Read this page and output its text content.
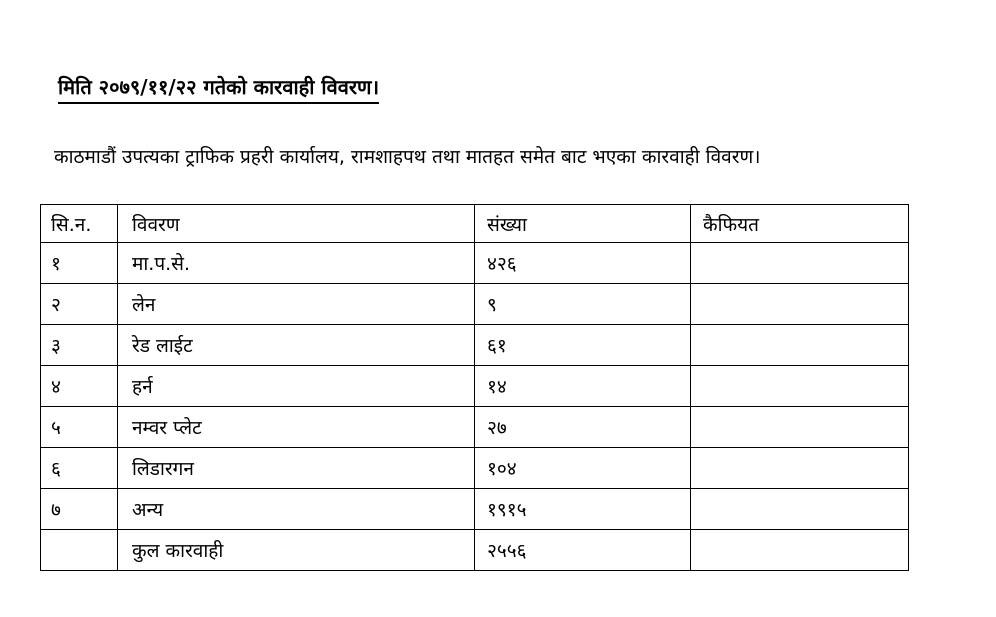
मिति २०७९/११/२२ गतेको कारवाही विवरण।
काठमाडौं उपत्यका ट्राफिक प्रहरी कार्यालय, रामशाहपथ तथा मातहत समेत बाट भएका कारवाही विवरण।
सि.न.	विवरण	संख्या	कैफियत
१	मा.प.से.	४२६	
२	लेन	९	
३	रेड लाईट	६१	
४	हर्न	१४	
५	नम्वर प्लेट	२७	
६	लिडारगन	१०४	
७	अन्य	१९१५	
	कुल कारवाही	२५५६	
